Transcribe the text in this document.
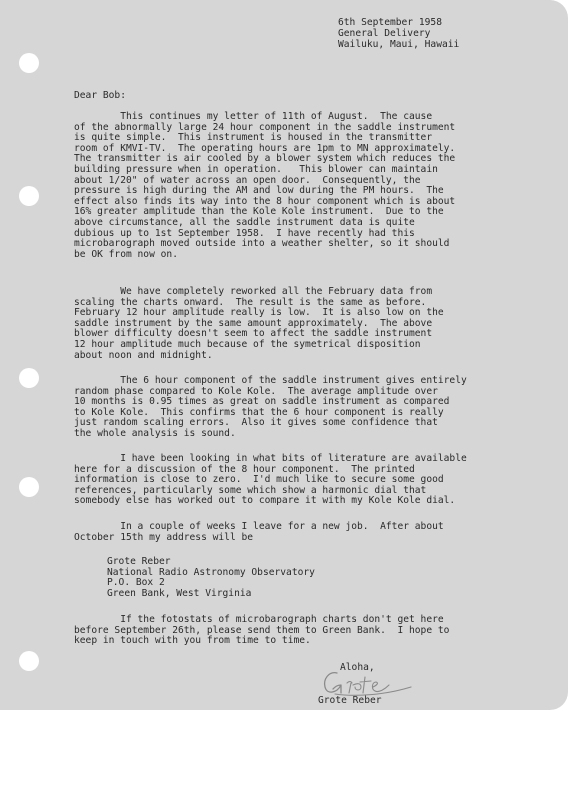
6th September 1958
General Delivery
Wailuku, Maui, Hawaii
Dear Bob:
This continues my letter of 11th of August.  The cause
of the abnormally large 24 hour component in the saddle instrument
is quite simple.  This instrument is housed in the transmitter
room of KMVI-TV.  The operating hours are 1pm to MN approximately.
The transmitter is air cooled by a blower system which reduces the
building pressure when in operation.   This blower can maintain
about 1/20" of water across an open door.  Consequently, the
pressure is high during the AM and low during the PM hours.  The
effect also finds its way into the 8 hour component which is about
16% greater amplitude than the Kole Kole instrument.  Due to the
above circumstance, all the saddle instrument data is quite
dubious up to 1st September 1958.  I have recently had this
microbarograph moved outside into a weather shelter, so it should
be OK from now on.
We have completely reworked all the February data from
scaling the charts onward.  The result is the same as before.
February 12 hour amplitude really is low.  It is also low on the
saddle instrument by the same amount approximately.  The above
blower difficulty doesn't seem to affect the saddle instrument
12 hour amplitude much because of the symetrical disposition
about noon and midnight.
The 6 hour component of the saddle instrument gives entirely
random phase compared to Kole Kole.  The average amplitude over
10 months is 0.95 times as great on saddle instrument as compared
to Kole Kole.  This confirms that the 6 hour component is really
just random scaling errors.  Also it gives some confidence that
the whole analysis is sound.
I have been looking in what bits of literature are available
here for a discussion of the 8 hour component.  The printed
information is close to zero.  I'd much like to secure some good
references, particularly some which show a harmonic dial that
somebody else has worked out to compare it with my Kole Kole dial.
In a couple of weeks I leave for a new job.  After about
October 15th my address will be
Grote Reber
National Radio Astronomy Observatory
P.O. Box 2
Green Bank, West Virginia
If the fotostats of microbarograph charts don't get here
before September 26th, please send them to Green Bank.  I hope to
keep in touch with you from time to time.
Aloha,
Grote
Grote Reber
